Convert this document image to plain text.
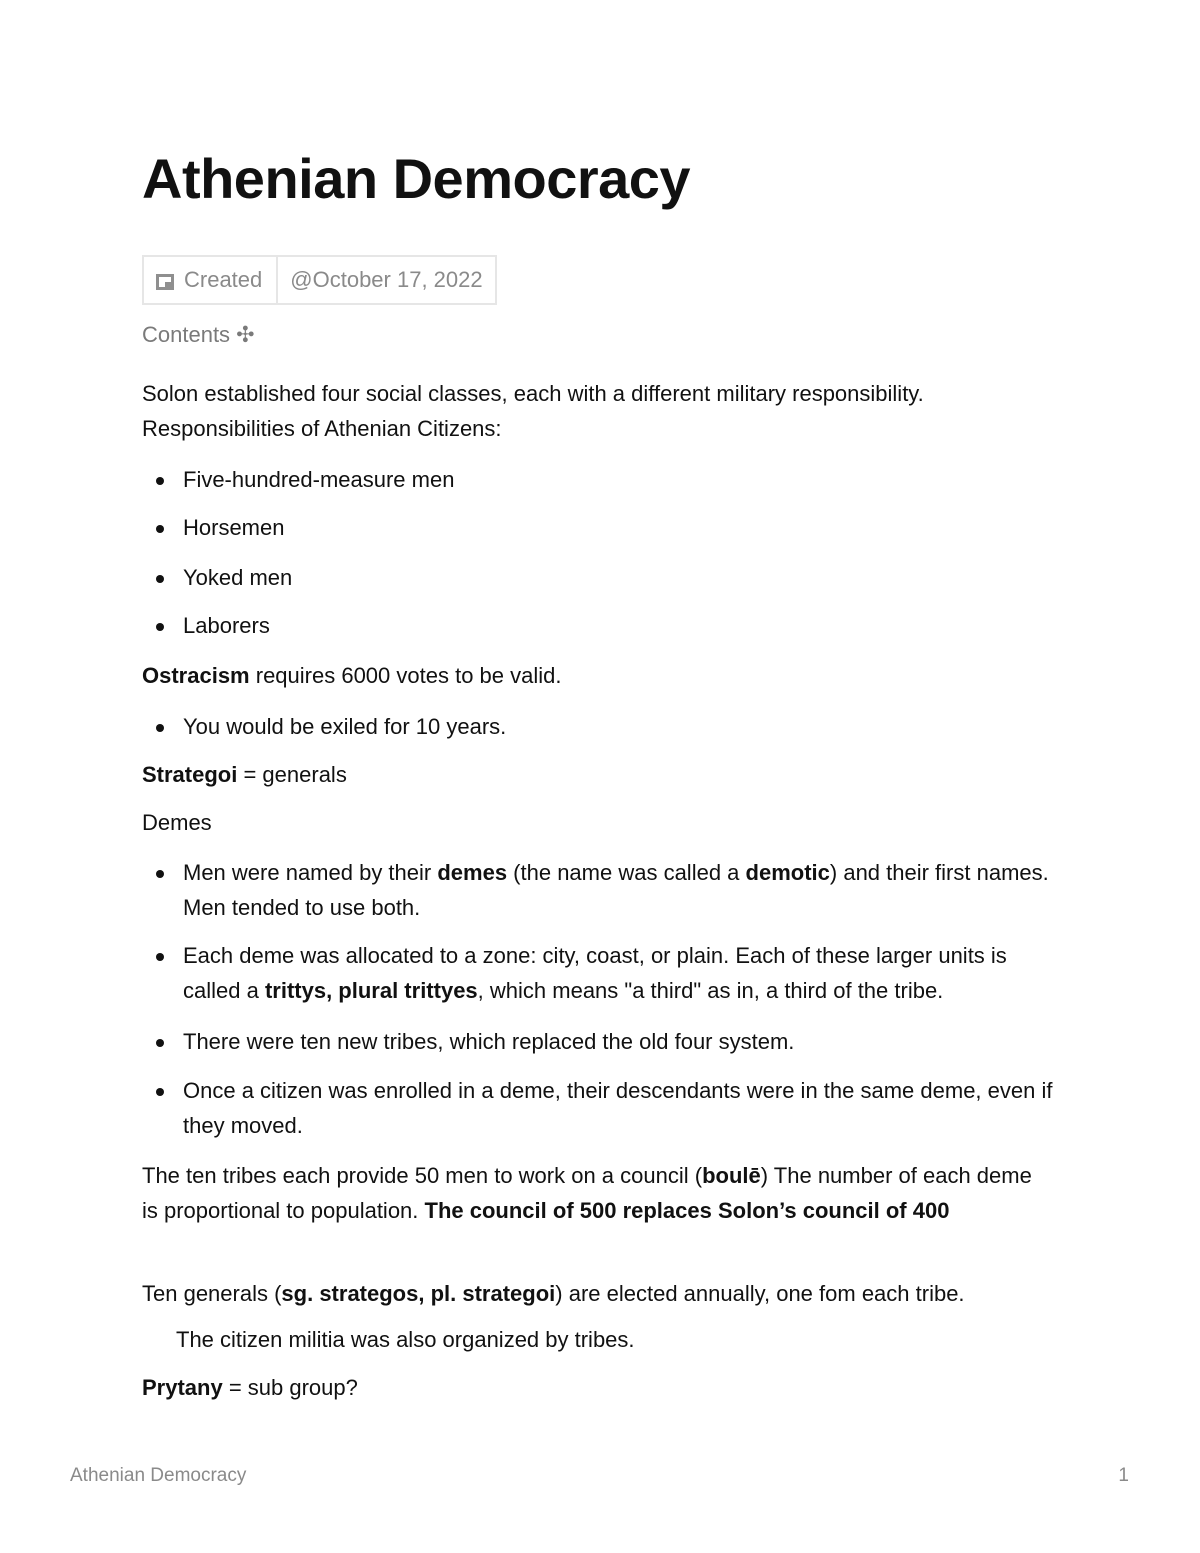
Athenian Democracy
Created	@October 17, 2022
Contents ✣
Solon established four social classes, each with a different military responsibility.
Responsibilities of Athenian Citizens:
Five-hundred-measure men
Horsemen
Yoked men
Laborers
Ostracism requires 6000 votes to be valid.
You would be exiled for 10 years.
Strategoi = generals
Demes
Men were named by their demes (the name was called a demotic) and their first names. Men tended to use both.
Each deme was allocated to a zone: city, coast, or plain. Each of these larger units is called a trittys, plural trittyes, which means "a third" as in, a third of the tribe.
There were ten new tribes, which replaced the old four system.
Once a citizen was enrolled in a deme, their descendants were in the same deme, even if they moved.
The ten tribes each provide 50 men to work on a council (boulē) The number of each deme is proportional to population. The council of 500 replaces Solon’s council of 400
Ten generals (sg. strategos, pl. strategoi) are elected annually, one fom each tribe.
The citizen militia was also organized by tribes.
Prytany = sub group?
Athenian Democracy	1
